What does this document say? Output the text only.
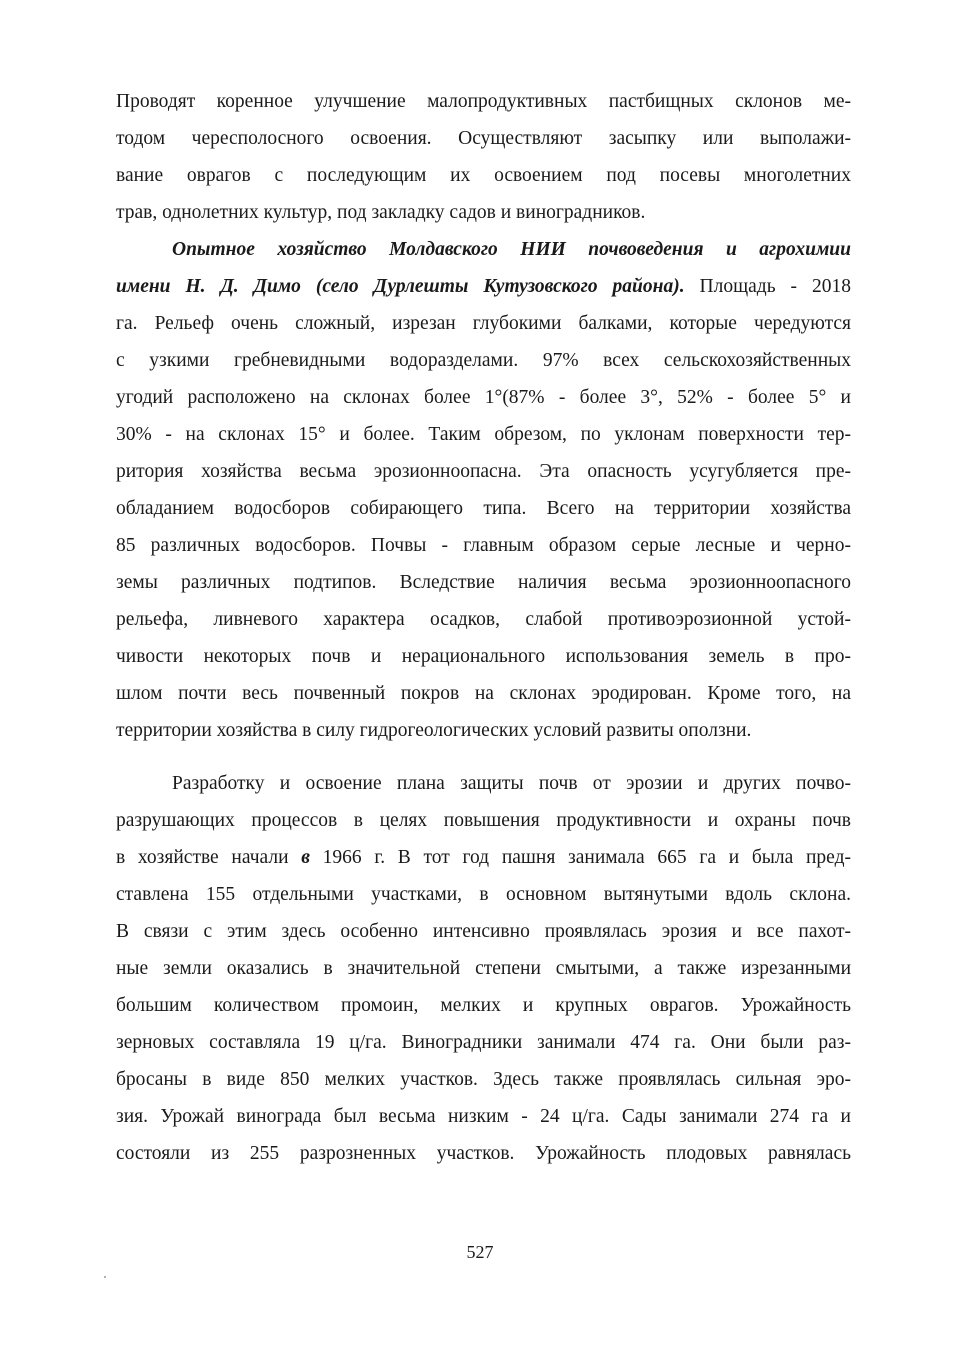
Проводят коренное улучшение малопродуктивных пастбищных склонов ме-
тодом чересполосного освоения. Осуществляют засыпку или выполажи-
вание оврагов с последующим их освоением под посевы многолетних
трав, однолетних культур, под закладку садов и виноградников.
Опытное хозяйство Молдавского НИИ почвоведения и агрохимии
имени Н. Д. Димо (село Дурлешты Кутузовского района). Площадь - 2018
га. Рельеф очень сложный, изрезан глубокими балками, которые чередуются
с узкими гребневидными водоразделами. 97% всех сельскохозяйственных
угодий расположено на склонах более 1°(87% - более 3°, 52% - более 5° и
30% - на склонах 15° и более. Таким обрезом, по уклонам поверхности тер-
ритория хозяйства весьма эрозионноопасна. Эта опасность усугубляется пре-
обладанием водосборов собирающего типа. Всего на территории хозяйства
85 различных водосборов. Почвы - главным образом серые лесные и черно-
земы различных подтипов. Вследствие наличия весьма эрозионноопасного
рельефа, ливневого характера осадков, слабой противоэрозионной устой-
чивости некоторых почв и нерационального использования земель в про-
шлом почти весь почвенный покров на склонах эродирован. Кроме того, на
территории хозяйства в силу гидрогеологических условий развиты оползни.
Разработку и освоение плана защиты почв от эрозии и других почво-
разрушающих процессов в целях повышения продуктивности и охраны почв
в хозяйстве начали в 1966 г. В тот год пашня занимала 665 га и была пред-
ставлена 155 отдельными участками, в основном вытянутыми вдоль склона.
В связи с этим здесь особенно интенсивно проявлялась эрозия и все пахот-
ные земли оказались в значительной степени смытыми, а также изрезанными
большим количеством промоин, мелких и крупных оврагов. Урожайность
зерновых составляла 19 ц/га. Виноградники занимали 474 га. Они были раз-
бросаны в виде 850 мелких участков. Здесь также проявлялась сильная эро-
зия. Урожай винограда был весьма низким - 24 ц/га. Сады занимали 274 га и
состояли из 255 разрозненных участков. Урожайность плодовых равнялась
527
